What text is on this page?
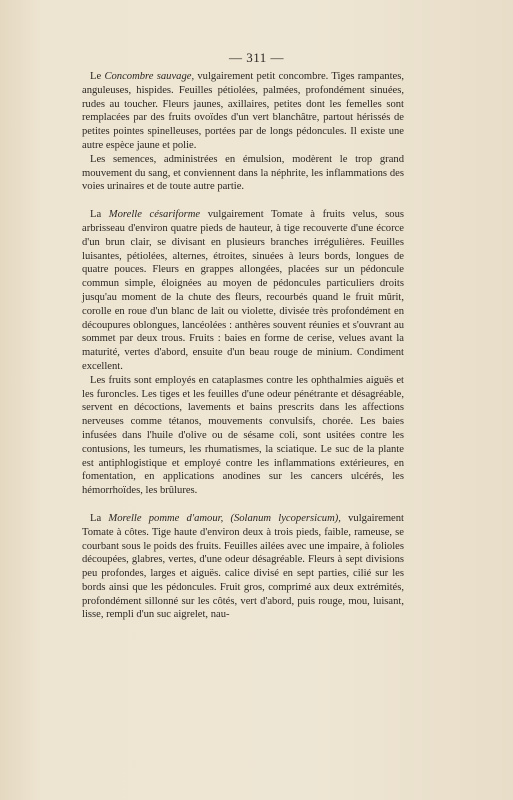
— 311 —

Le Concombre sauvage, vulgairement petit concombre. Tiges rampantes, anguleuses, hispides. Feuilles pétiolées, palmées, profondément sinuées, rudes au toucher. Fleurs jaunes, axillaires, petites dont les femelles sont remplacées par des fruits ovoïdes d'un vert blanchâtre, partout hérissés de petites pointes spinelleuses, portées par de longs pédoncules. Il existe une autre espèce jaune et polie.

Les semences, administrées en émulsion, modèrent le trop grand mouvement du sang, et conviennent dans la néphrite, les inflammations des voies urinaires et de toute autre partie.

La Morelle césariforme vulgairement Tomate à fruits velus, sous arbrisseau d'environ quatre pieds de hauteur, à tige recouverte d'une écorce d'un brun clair, se divisant en plusieurs branches irrégulières. Feuilles luisantes, pétiolées, alternes, étroites, sinuées à leurs bords, longues de quatre pouces. Fleurs en grappes allongées, placées sur un pédoncule commun simple, éloignées au moyen de pédoncules particuliers droits jusqu'au moment de la chute des fleurs, recourbés quand le fruit mûrit, corolle en roue d'un blanc de lait ou violette, divisée très profondément en découpures oblongues, lancéolées : anthères souvent réunies et s'ouvrant au sommet par deux trous. Fruits : baies en forme de cerise, velues avant la maturité, vertes d'abord, ensuite d'un beau rouge de minium. Condiment excellent.

Les fruits sont employés en cataplasmes contre les ophthalmies aiguës et les furoncles. Les tiges et les feuilles d'une odeur pénétrante et désagréable, servent en décoctions, lavements et bains prescrits dans les affections nerveuses comme tétanos, mouvements convulsifs, chorée. Les baies infusées dans l'huile d'olive ou de sésame coli, sont usitées contre les contusions, les tumeurs, les rhumatismes, la sciatique. Le suc de la plante est antiphlogistique et employé contre les inflammations extérieures, en fomentation, en applications anodines sur les cancers ulcérés, les hémorrhoïdes, les brûlures.

La Morelle pomme d'amour, (Solanum lycopersicum), vulgairement Tomate à côtes. Tige haute d'environ deux à trois pieds, faible, rameuse, se courbant sous le poids des fruits. Feuilles ailées avec une impaire, à folioles découpées, glabres, vertes, d'une odeur désagréable. Fleurs à sept divisions peu profondes, larges et aiguës. calice divisé en sept parties, cilié sur les bords ainsi que les pédoncules. Fruit gros, comprimé aux deux extrémités, profondément sillonné sur les côtés, vert d'abord, puis rouge, mou, luisant, lisse, rempli d'un suc aigrelet, nau-
